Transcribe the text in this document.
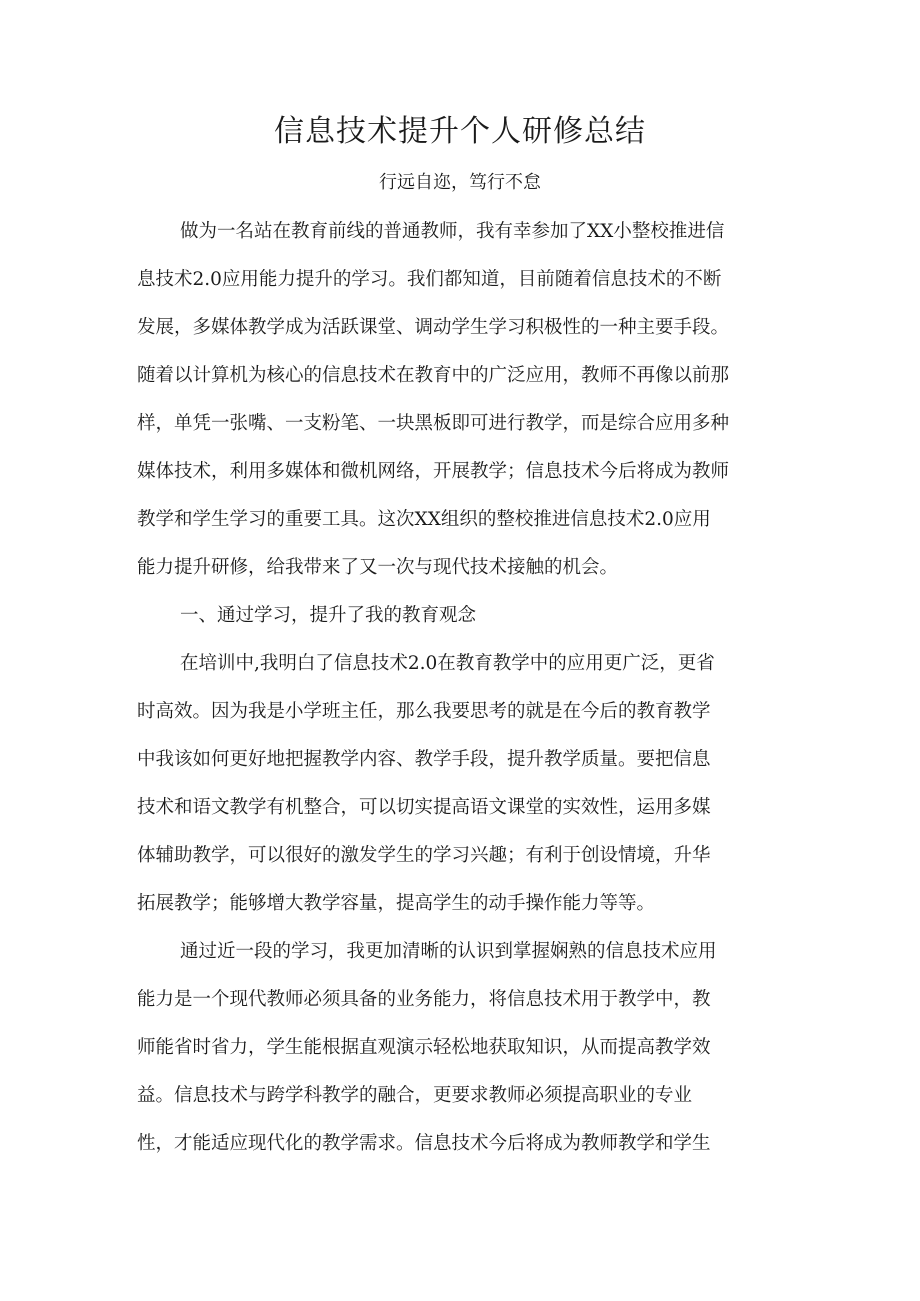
信息技术提升个人研修总结
行远自迩，笃行不怠
做为一名站在教育前线的普通教师，我有幸参加了XX小整校推进信
息技术2.0应用能力提升的学习。我们都知道，目前随着信息技术的不断
发展，多媒体教学成为活跃课堂、调动学生学习积极性的一种主要手段。
随着以计算机为核心的信息技术在教育中的广泛应用，教师不再像以前那
样，单凭一张嘴、一支粉笔、一块黑板即可进行教学，而是综合应用多种
媒体技术，利用多媒体和微机网络，开展教学；信息技术今后将成为教师
教学和学生学习的重要工具。这次XX组织的整校推进信息技术2.0应用
能力提升研修，给我带来了又一次与现代技术接触的机会。
一、通过学习，提升了我的教育观念
在培训中,我明白了信息技术2.0在教育教学中的应用更广泛，更省
时高效。因为我是小学班主任，那么我要思考的就是在今后的教育教学
中我该如何更好地把握教学内容、教学手段，提升教学质量。要把信息
技术和语文教学有机整合，可以切实提高语文课堂的实效性，运用多媒
体辅助教学，可以很好的激发学生的学习兴趣；有利于创设情境，升华
拓展教学；能够增大教学容量，提高学生的动手操作能力等等。
通过近一段的学习，我更加清晰的认识到掌握娴熟的信息技术应用
能力是一个现代教师必须具备的业务能力，将信息技术用于教学中，教
师能省时省力，学生能根据直观演示轻松地获取知识，从而提高教学效
益。信息技术与跨学科教学的融合，更要求教师必须提高职业的专业
性，才能适应现代化的教学需求。信息技术今后将成为教师教学和学生
